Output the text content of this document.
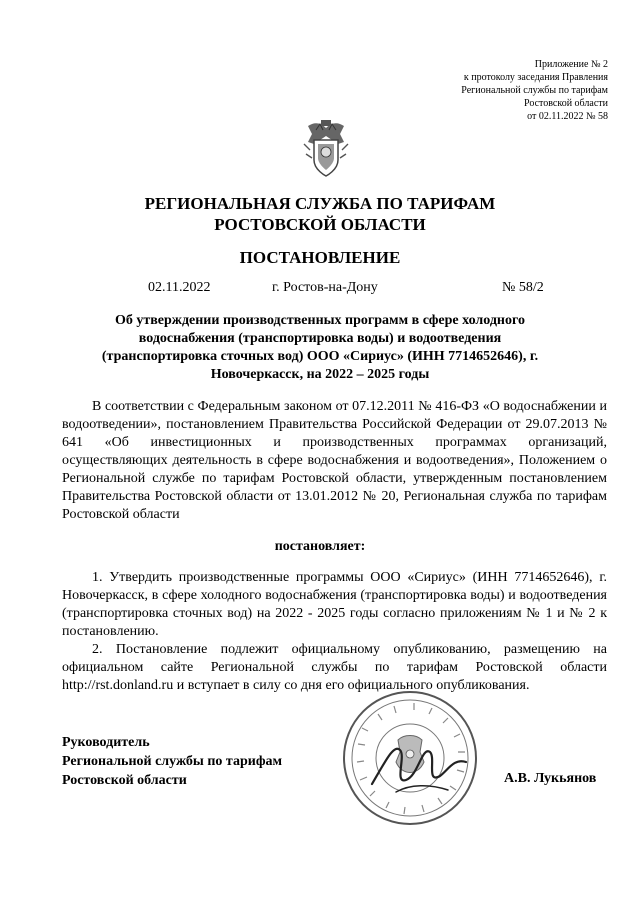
Приложение № 2
к протоколу заседания Правления
Региональной службы по тарифам
Ростовской области
от 02.11.2022 № 58
РЕГИОНАЛЬНАЯ СЛУЖБА ПО ТАРИФАМ
РОСТОВСКОЙ ОБЛАСТИ
ПОСТАНОВЛЕНИЕ
02.11.2022	г. Ростов-на-Дону	№ 58/2
Об утверждении производственных программ в сфере холодного водоснабжения (транспортировка воды) и водоотведения (транспортировка сточных вод) ООО «Сириус» (ИНН 7714652646), г. Новочеркасск, на 2022 – 2025 годы

В соответствии с Федеральным законом от 07.12.2011 № 416-ФЗ «О водоснабжении и водоотведении», постановлением Правительства Российской Федерации от 29.07.2013 № 641 «Об инвестиционных и производственных программах организаций, осуществляющих деятельность в сфере водоснабжения и водоотведения», Положением о Региональной службе по тарифам Ростовской области, утвержденным постановлением Правительства Ростовской области от 13.01.2012 № 20, Региональная служба по тарифам Ростовской области

постановляет:

1. Утвердить производственные программы ООО «Сириус» (ИНН 7714652646), г. Новочеркасск, в сфере холодного водоснабжения (транспортировка воды) и водоотведения (транспортировка сточных вод) на 2022 - 2025 годы согласно приложениям № 1 и № 2 к постановлению.

2. Постановление подлежит официальному опубликованию, размещению на официальном сайте Региональной службы по тарифам Ростовской области http://rst.donland.ru и вступает в силу со дня его официального опубликования.

Руководитель
Региональной службы по тарифам
Ростовской области	А.В. Лукьянов
